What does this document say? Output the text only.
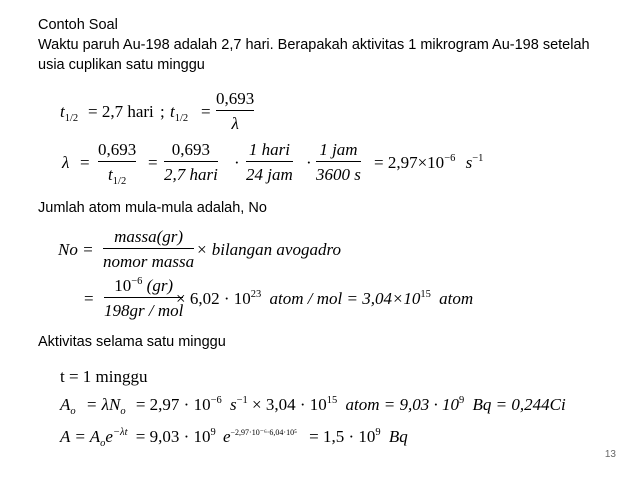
Contoh Soal
Waktu paruh Au-198 adalah 2,7 hari. Berapakah aktivitas 1 mikrogram Au-198 setelah
usia cuplikan satu minggu
$t_{1/2} = 2,7$ hari ; $t_{1/2}$ =
0,693
λ
λ =
0,693
$t_{1/2}$
=
0,693
2,7 hari
·
1 hari
24 jam
·
1 jam
3600 s
= $2,97\times 10^{-6}$ $s^{-1}$
Jumlah atom mula-mula adalah, No
No =
massa(gr)
nomor massa
× bilangan avogadro
=
$10^{-6}$ (gr)
198gr / mol
× $6,02 \cdot 10^{23}$ atom / mol = $3,04\times 10^{15}$ atom
Aktivitas selama satu minggu
t = 1 minggu
$A_o = \lambda N_o = 2,97 \cdot 10^{-6}$ $s^{-1} \times 3,04 \cdot 10^{15}$ atom = $9,03 \cdot 10^9$ Bq = 0,244Ci
$A = A_oe^{-\lambda t} = 9,03 \cdot 10^9$ $e^{-2,97\cdot 10^{-6}\cdot 6,04\cdot 10^5} = 1,5 \cdot 10^9$ Bq
13
